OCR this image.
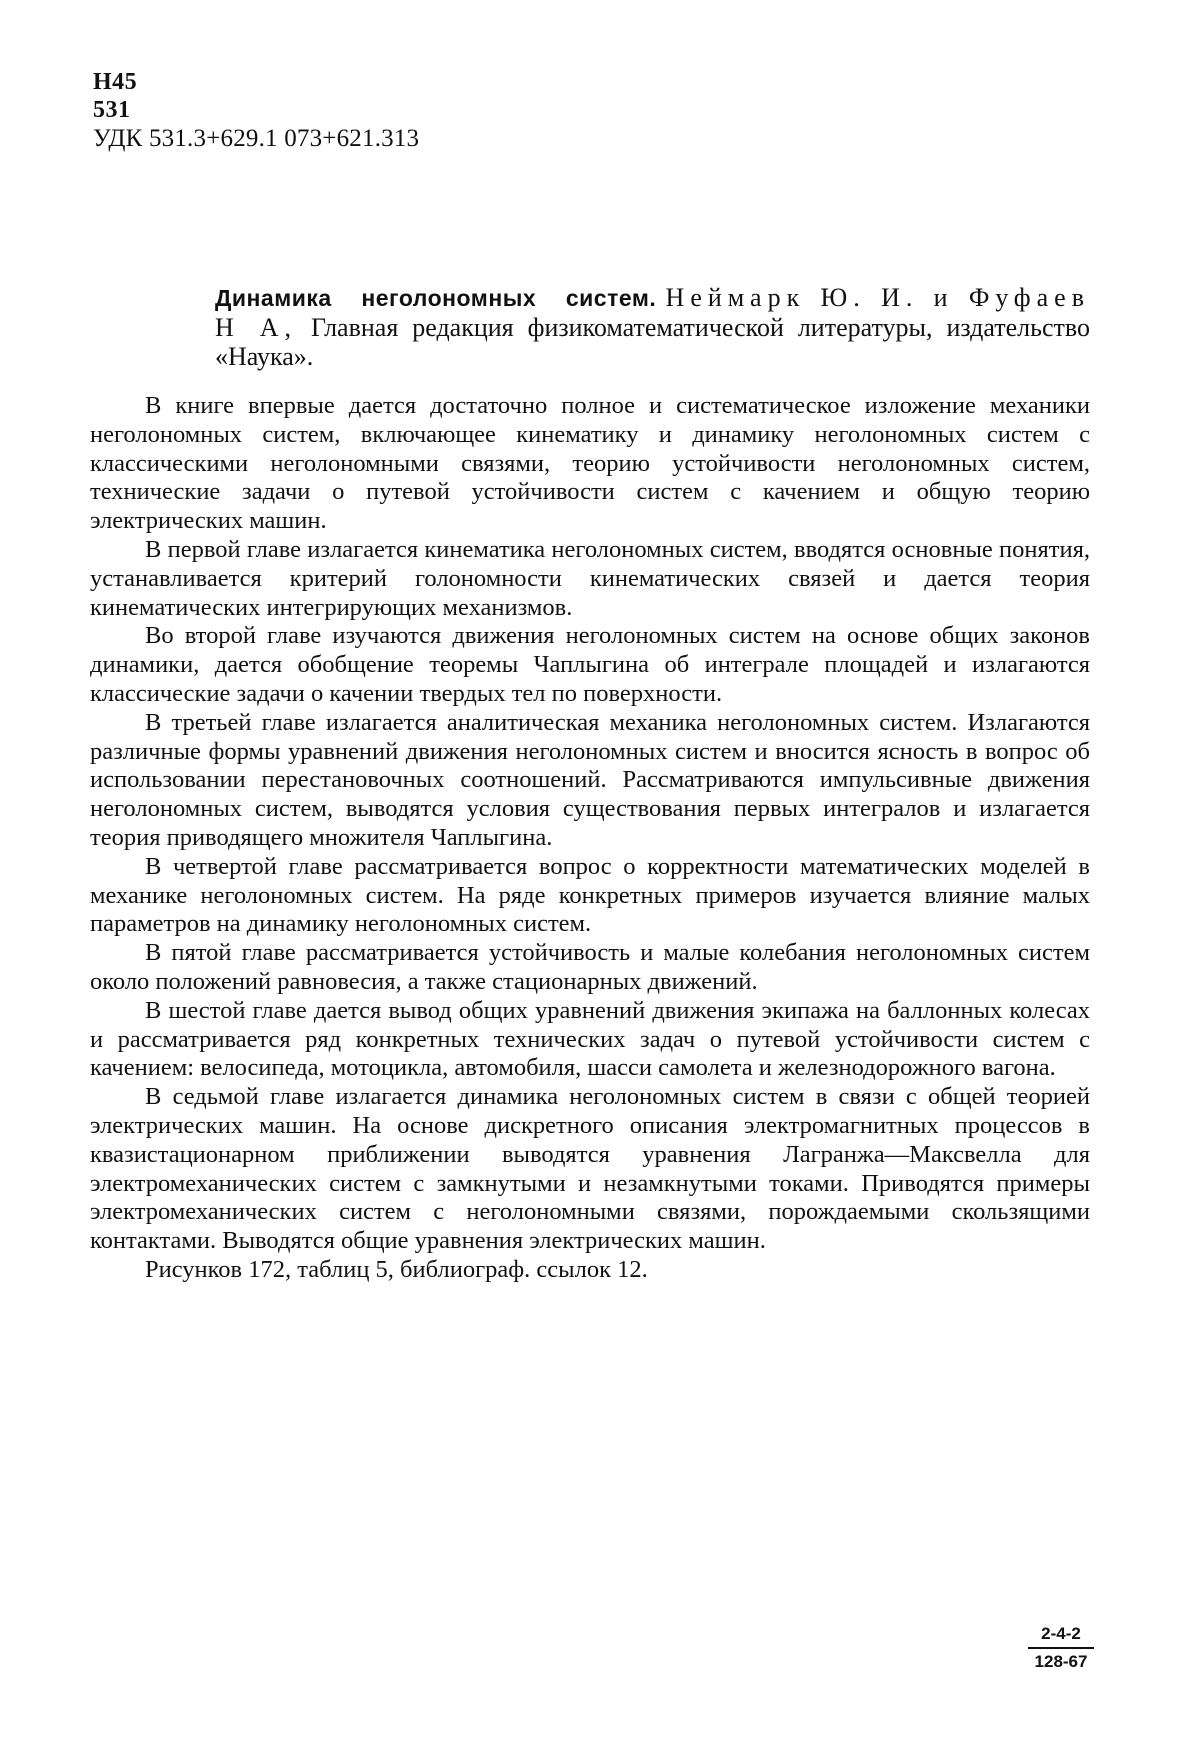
Н45
531
УДК 531.3+629.1 073+621.313
Динамика неголономных систем. Неймарк Ю. И. и Фуфаев Н А, Главная редакция физикоматематической литературы, издательство «Наука».

В книге впервые дается достаточно полное и систематическое изложение механики неголономных систем, включающее кинематику и динамику неголономных систем с классическими неголономными связями, теорию устойчивости неголономных систем, технические задачи о путевой устойчивости систем с качением и общую теорию электрических машин.

В первой главе излагается кинематика неголономных систем, вводятся основные понятия, устанавливается критерий голономности кинематических связей и дается теория кинематических интегрирующих механизмов.

Во второй главе изучаются движения неголономных систем на основе общих законов динамики, дается обобщение теоремы Чаплыгина об интеграле площадей и излагаются классические задачи о качении твердых тел по поверхности.

В третьей главе излагается аналитическая механика неголономных систем. Излагаются различные формы уравнений движения неголономных систем и вносится ясность в вопрос об использовании перестановочных соотношений. Рассматриваются импульсивные движения неголономных систем, выводятся условия существования первых интегралов и излагается теория приводящего множителя Чаплыгина.

В четвертой главе рассматривается вопрос о корректности математических моделей в механике неголономных систем. На ряде конкретных примеров изучается влияние малых параметров на динамику неголономных систем.

В пятой главе рассматривается устойчивость и малые колебания неголономных систем около положений равновесия, а также стационарных движений.

В шестой главе дается вывод общих уравнений движения экипажа на баллонных колесах и рассматривается ряд конкретных технических задач о путевой устойчивости систем с качением: велосипеда, мотоцикла, автомобиля, шасси самолета и железнодорожного вагона.

В седьмой главе излагается динамика неголономных систем в связи с общей теорией электрических машин. На основе дискретного описания электромагнитных процессов в квазистационарном приближении выводятся уравнения Лагранжа—Максвелла для электромеханических систем с замкнутыми и незамкнутыми токами. Приводятся примеры электромеханических систем с неголономными связями, порождаемыми скользящими контактами. Выводятся общие уравнения электрических машин.

Рисунков 172, таблиц 5, библиограф. ссылок 12.

$\frac{2-4-2}{128-67}$
